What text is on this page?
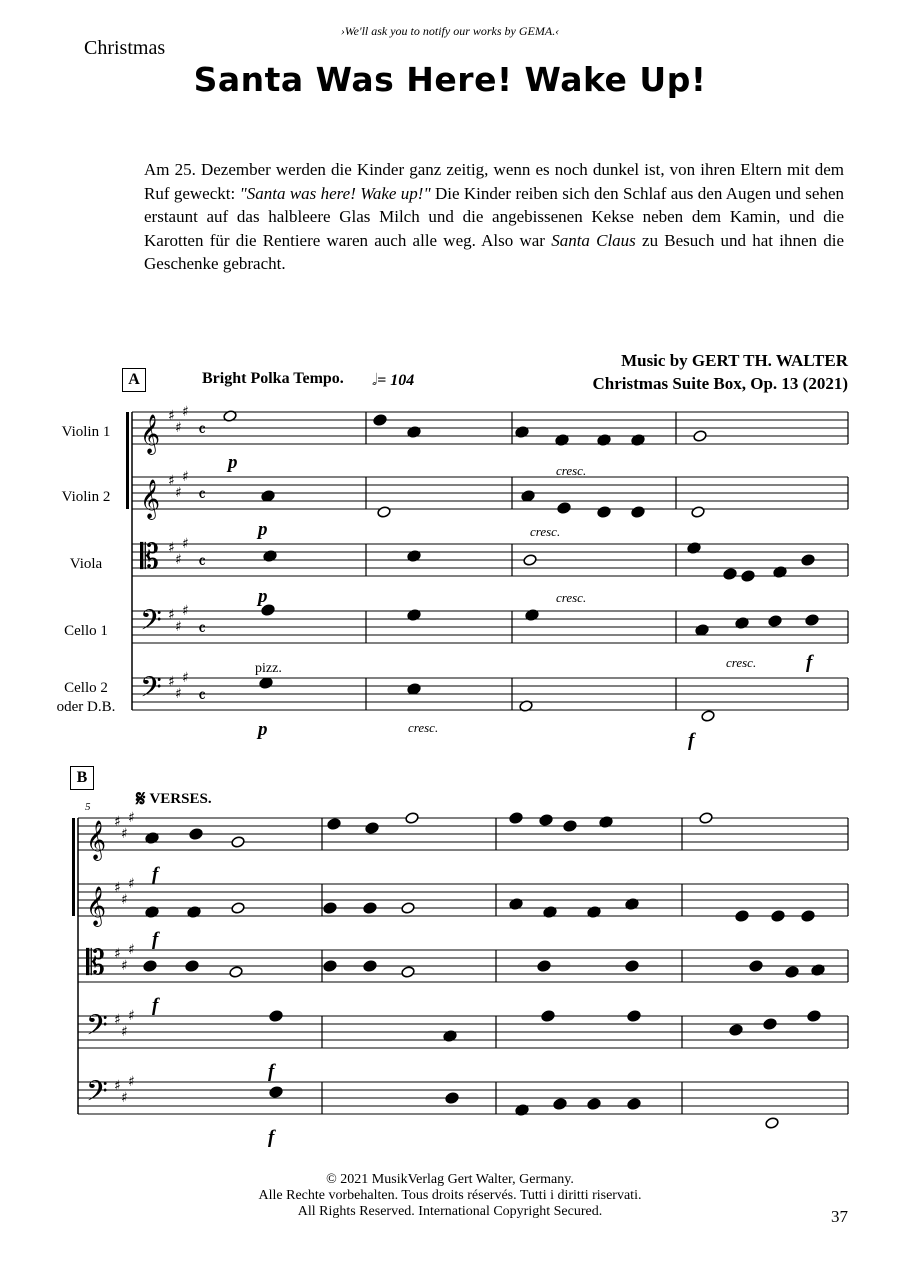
›We'll ask you to notify our works by GEMA.‹
Christmas
Santa Was Here! Wake Up!
Am 25. Dezember werden die Kinder ganz zeitig, wenn es noch dunkel ist, von ihren Eltern mit dem Ruf geweckt: "Santa was here! Wake up!" Die Kinder reiben sich den Schlaf aus den Augen und sehen erstaunt auf das halbleere Glas Milch und die angebissenen Kekse neben dem Kamin, und die Karotten für die Rentiere waren auch alle weg. Also war Santa Claus zu Besuch und hat ihnen die Geschenke gebracht.
Music by GERT TH. WALTER
Christmas Suite Box, Op. 13 (2021)
A	Bright Polka Tempo. 𝅗𝅥= 104
Violin 1
Violin 2
Viola
Cello 1
Cello 2
oder D.B.
B
𝄋 VERSES.
5
𝄞
𝄞
𝄡
𝄢
𝄢
𝄴
𝄴
𝄴
𝄴
𝄴
♯
♯
♯
♯
♯
♯
♯
♯
♯
♯
♯
♯
♯
♯
♯
𝄞
𝄞
𝄡
𝄢
𝄢
♯
♯
♯
♯
♯
♯
♯
♯
♯
♯
♯
♯
♯
♯
♯
p
p
p
p
pizz.
cresc.
cresc.
cresc.
cresc.
cresc.
f
f
f
f
f
f
f
© 2021 MusikVerlag Gert Walter, Germany.
Alle Rechte vorbehalten. Tous droits réservés. Tutti i diritti riservati.
All Rights Reserved. International Copyright Secured.	37
